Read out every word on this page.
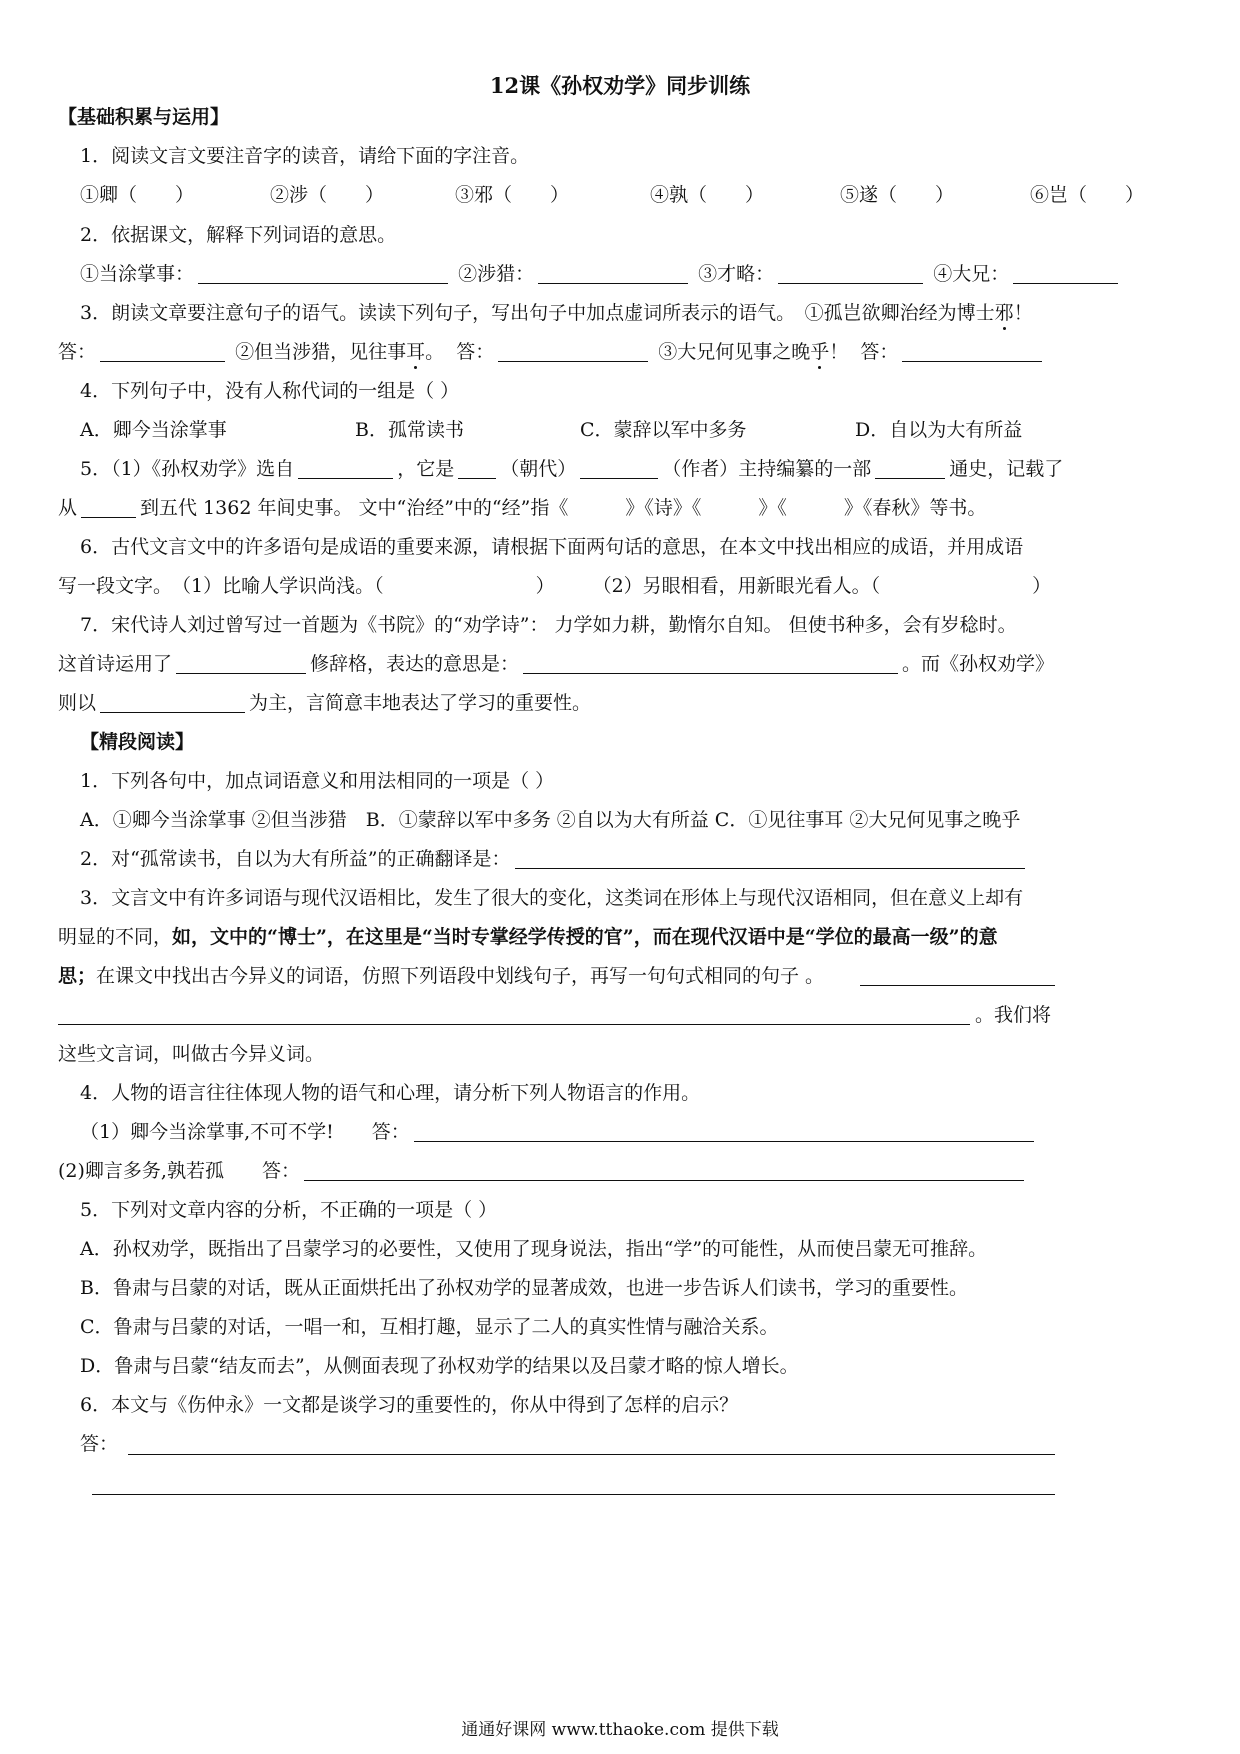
12课《孙权劝学》同步训练
【基础积累与运用】
1．阅读文言文要注音字的读音，请给下面的字注音。
①卿（　　）	②涉（　　）	③邪（　　）	④孰（　　）	⑤遂（　　）	⑥岂（　　）
2．依据课文，解释下列词语的意思。
①当涂掌事：	②涉猎：	③才略：	④大兄：
3．朗读文章要注意句子的语气。读读下列句子，写出句子中加点虚词所表示的语气。　①孤岂欲卿治经为博士邪！
答：	②但当涉猎，见往事耳。 答：	③大兄何见事之晚乎！ 答：
4．下列句子中，没有人称代词的一组是（ ）
A．卿今当涂掌事	B．孤常读书	C．蒙辞以军中多务	D．自以为大有所益
5．（1）《孙权劝学》选自	，它是 （朝代）	（作者）主持编纂的一部	通史，记载了
从	到五代 1362 年间史事。 文中“治经”中的“经”指《　　　》《诗》《　　　》《　　　》《春秋》等书。
6．古代文言文中的许多语句是成语的重要来源，请根据下面两句话的意思，在本文中找出相应的成语，并用成语
写一段文字。　（1）比喻人学识尚浅。（　　　　　　　　）　　　（2）另眼相看，用新眼光看人。（　　　　　　　　）
7．宋代诗人刘过曾写过一首题为《书院》的“劝学诗”： 力学如力耕，勤惰尔自知。 但使书种多，会有岁稔时。
这首诗运用了	修辞格，表达的意思是：	。而《孙权劝学》
则以	为主，言简意丰地表达了学习的重要性。
【精段阅读】
1．下列各句中，加点词语意义和用法相同的一项是（ ）
A．①卿今当涂掌事 ②但当涉猎　B．①蒙辞以军中多务 ②自以为大有所益 C．①见往事耳 ②大兄何见事之晚乎
2．对“孤常读书，自以为大有所益”的正确翻译是：
3．文言文中有许多词语与现代汉语相比，发生了很大的变化，这类词在形体上与现代汉语相同，但在意义上却有
明显的不同，如，文中的“博士”，在这里是“当时专掌经学传授的官”，而在现代汉语中是“学位的最高一级”的意
思；在课文中找出古今异义的词语，仿照下列语段中划线句子，再写一句句式相同的句子 。
。我们将
这些文言词，叫做古今异义词。
4．人物的语言往往体现人物的语气和心理，请分析下列人物语言的作用。
（1）卿今当涂掌事,不可不学!　　答：
(2)卿言多务,孰若孤　　答：
5．下列对文章内容的分析，不正确的一项是（ ）
A．孙权劝学，既指出了吕蒙学习的必要性，又使用了现身说法，指出“学”的可能性，从而使吕蒙无可推辞。
B．鲁肃与吕蒙的对话，既从正面烘托出了孙权劝学的显著成效，也进一步告诉人们读书，学习的重要性。
C．鲁肃与吕蒙的对话，一唱一和，互相打趣，显示了二人的真实性情与融洽关系。
D．鲁肃与吕蒙“结友而去”，从侧面表现了孙权劝学的结果以及吕蒙才略的惊人增长。
6．本文与《伤仲永》一文都是谈学习的重要性的，你从中得到了怎样的启示？
答：
通通好课网 www.tthaoke.com 提供下载
